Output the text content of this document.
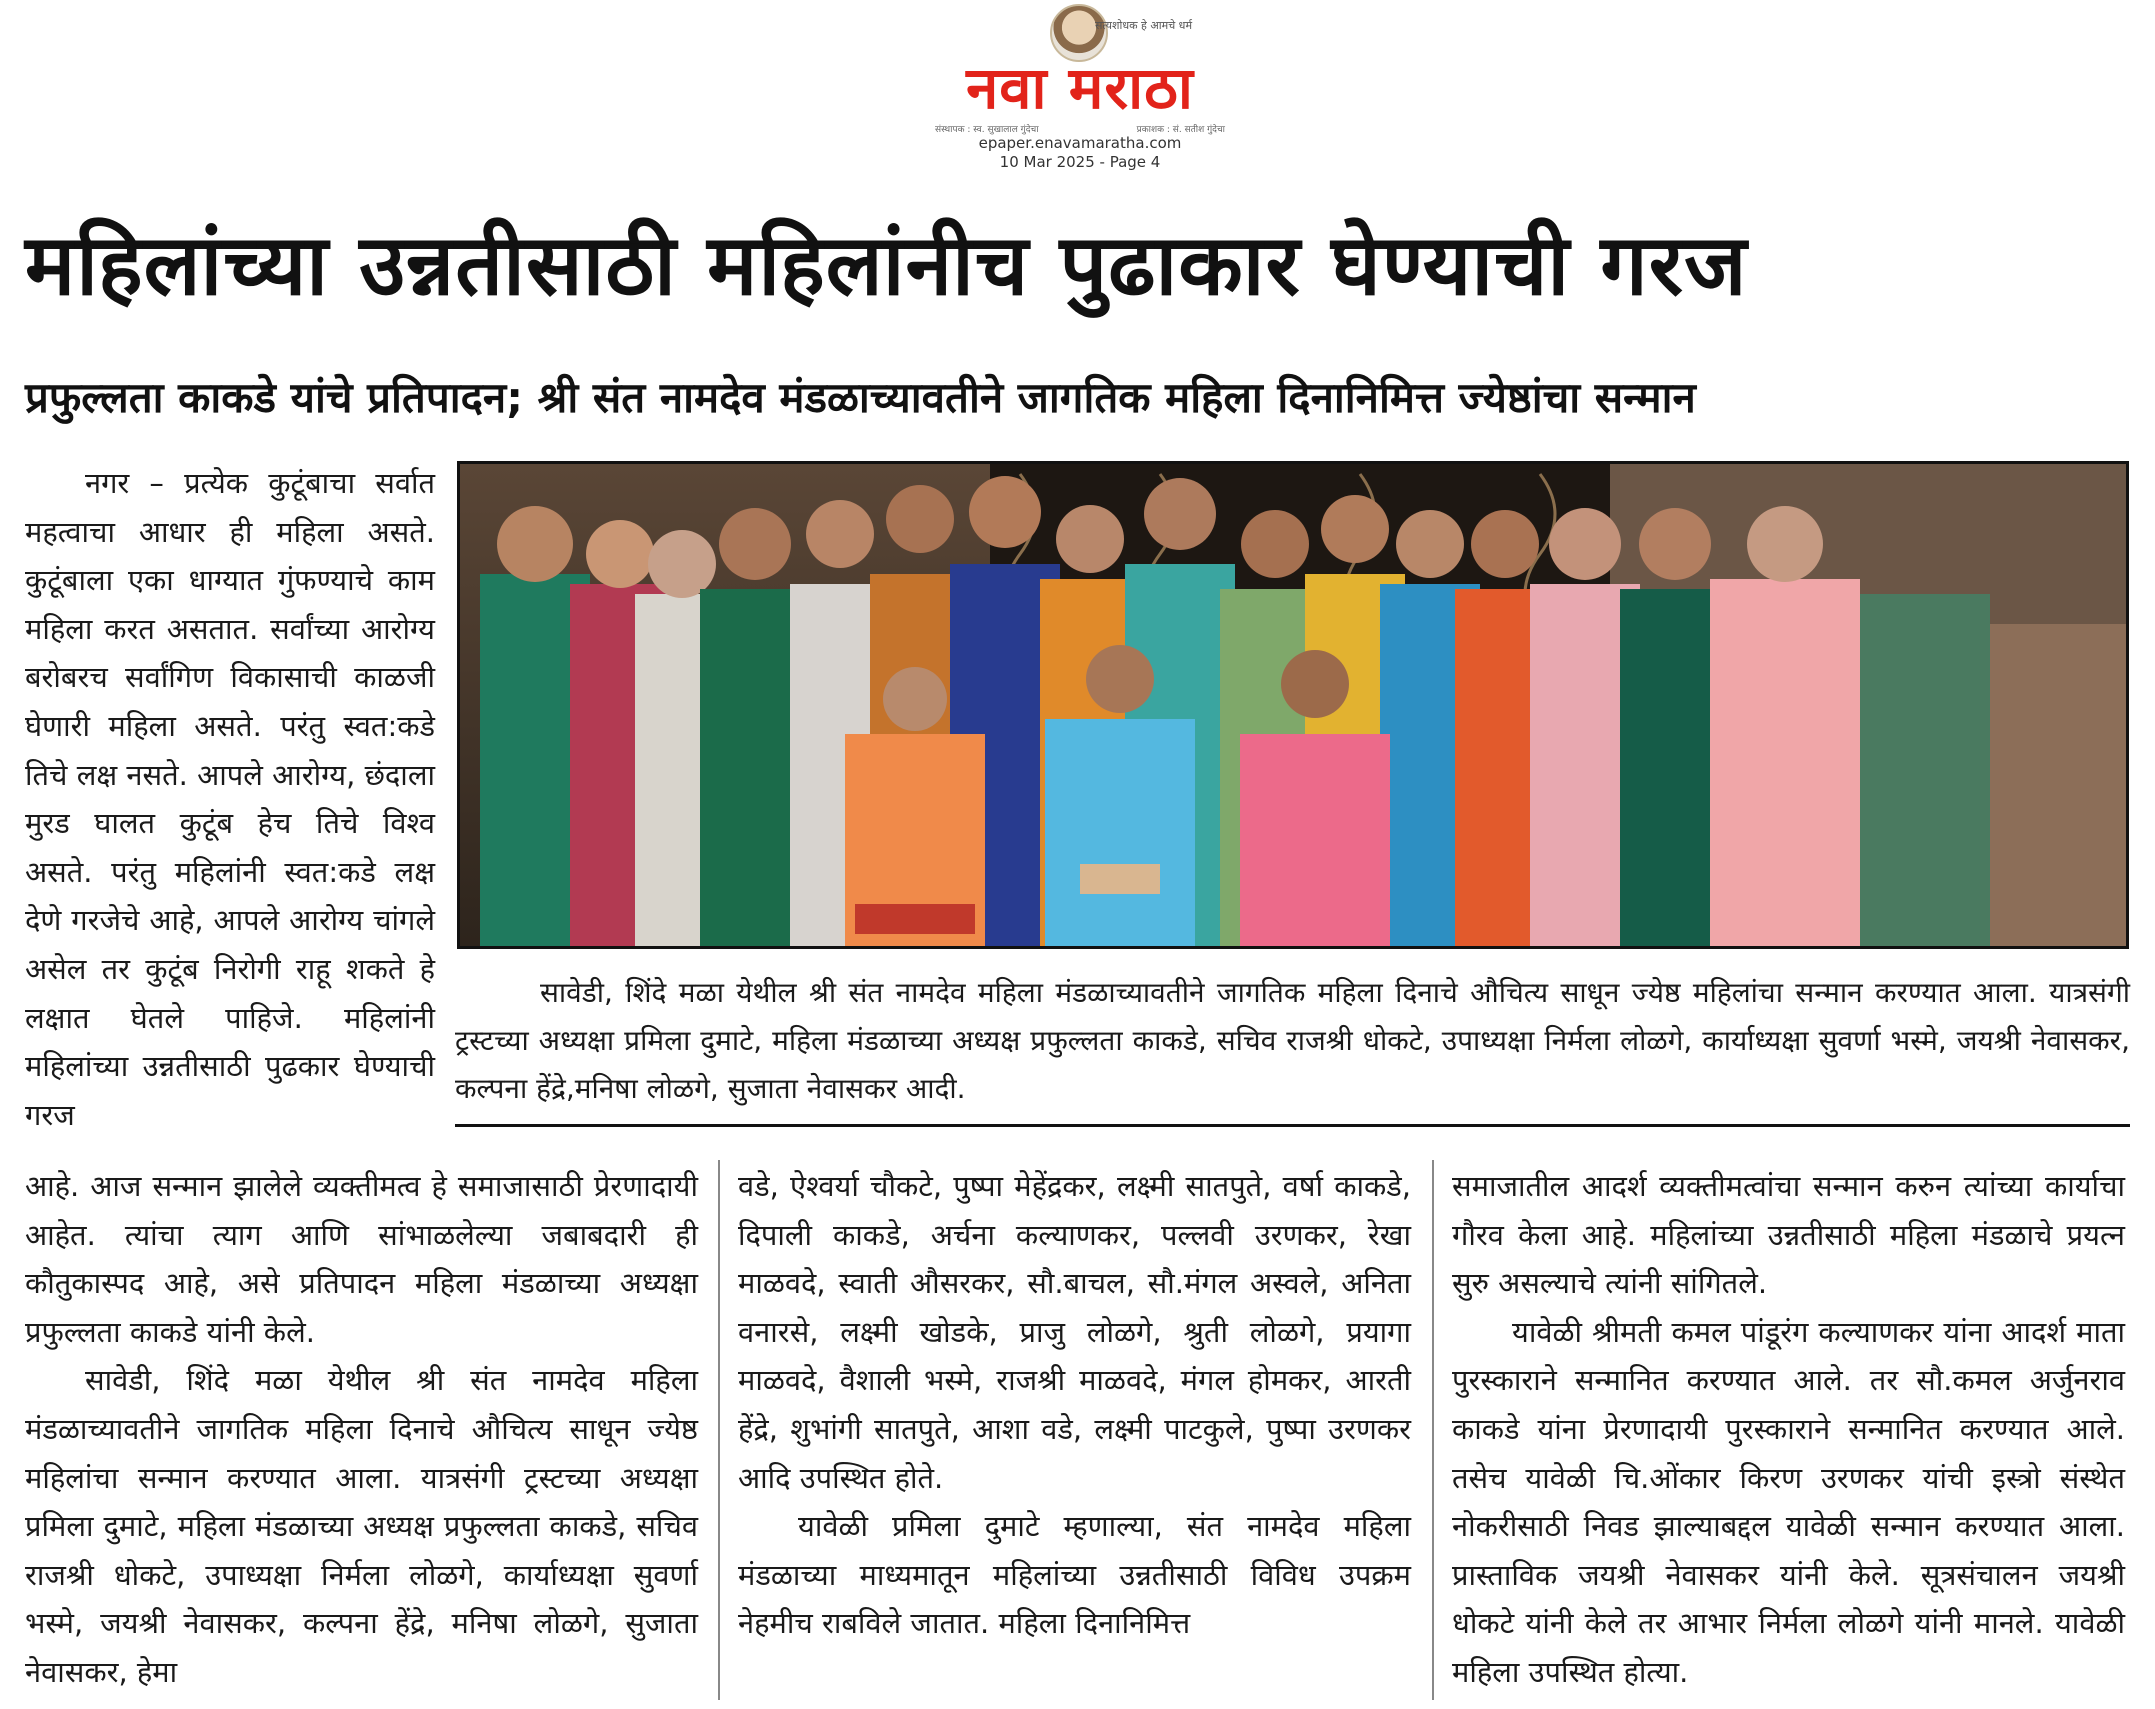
सत्यशोधक हे आमचे धर्म
नवा मराठा
संस्थापक : स्व. सुखालाल गुंदेचा	प्रकाशक : सं. सतीश गुंदेचा
epaper.enavamaratha.com
10 Mar 2025 - Page 4
महिलांच्या उन्नतीसाठी महिलांनीच पुढाकार घेण्याची गरज
प्रफुल्लता काकडे यांचे प्रतिपादन; श्री संत नामदेव मंडळाच्यावतीने जागतिक महिला दिनानिमित्त ज्येष्ठांचा सन्मान

नगर – प्रत्येक कुटूंबाचा सर्वात महत्वाचा आधार ही महिला असते. कुटूंबाला एका धाग्यात गुंफण्याचे काम महिला करत असतात. सर्वांच्या आरोग्य बरोबरच सर्वांगिण विकासाची काळजी घेणारी महिला असते. परंतु स्वत:कडे तिचे लक्ष नसते. आपले आरोग्य, छंदाला मुरड घालत कुटूंब हेच तिचे विश्व असते. परंतु महिलांनी स्वत:कडे लक्ष देणे गरजेचे आहे, आपले आरोग्य चांगले असेल तर कुटूंब निरोगी राहू शकते हे लक्षात घेतले पाहिजे. महिलांनी महिलांच्या उन्नतीसाठी पुढकार घेण्याची गरज

सावेडी, शिंदे मळा येथील श्री संत नामदेव महिला मंडळाच्यावतीने जागतिक महिला दिनाचे औचित्य साधून ज्येष्ठ महिलांचा सन्मान करण्यात आला. यात्रसंगी ट्रस्टच्या अध्यक्षा प्रमिला दुमाटे, महिला मंडळाच्या अध्यक्ष प्रफुल्लता काकडे, सचिव राजश्री धोकटे, उपाध्यक्षा निर्मला लोळगे, कार्याध्यक्षा सुवर्णा भस्मे, जयश्री नेवासकर, कल्पना हेंद्रे,मनिषा लोळगे, सुजाता नेवासकर आदी.

आहे. आज सन्मान झालेले व्यक्तीमत्व हे समाजासाठी प्रेरणादायी आहेत. त्यांचा त्याग आणि सांभाळलेल्या जबाबदारी ही कौतुकास्पद आहे, असे प्रतिपादन महिला मंडळाच्या अध्यक्षा प्रफुल्लता काकडे यांनी केले.

सावेडी, शिंदे मळा येथील श्री संत नामदेव महिला मंडळाच्यावतीने जागतिक महिला दिनाचे औचित्य साधून ज्येष्ठ महिलांचा सन्मान करण्यात आला. यात्रसंगी ट्रस्टच्या अध्यक्षा प्रमिला दुमाटे, महिला मंडळाच्या अध्यक्ष प्रफुल्लता काकडे, सचिव राजश्री धोकटे, उपाध्यक्षा निर्मला लोळगे, कार्याध्यक्षा सुवर्णा भस्मे, जयश्री नेवासकर, कल्पना हेंद्रे, मनिषा लोळगे, सुजाता नेवासकर, हेमा

वडे, ऐश्वर्या चौकटे, पुष्पा मेहेंद्रकर, लक्ष्मी सातपुते, वर्षा काकडे, दिपाली काकडे, अर्चना कल्याणकर, पल्लवी उरणकर, रेखा माळवदे, स्वाती औसरकर, सौ.बाचल, सौ.मंगल अस्वले, अनिता वनारसे, लक्ष्मी खोडके, प्राजु लोळगे, श्रुती लोळगे, प्रयागा माळवदे, वैशाली भस्मे, राजश्री माळवदे, मंगल होमकर, आरती हेंद्रे, शुभांगी सातपुते, आशा वडे, लक्ष्मी पाटकुले, पुष्पा उरणकर आदि उपस्थित होते.

यावेळी प्रमिला दुमाटे म्हणाल्या, संत नामदेव महिला मंडळाच्या माध्यमातून महिलांच्या उन्नतीसाठी विविध उपक्रम नेहमीच राबविले जातात. महिला दिनानिमित्त

समाजातील आदर्श व्यक्तीमत्वांचा सन्मान करुन त्यांच्या कार्याचा गौरव केला आहे. महिलांच्या उन्नतीसाठी महिला मंडळाचे प्रयत्न सुरु असल्याचे त्यांनी सांगितले.

यावेळी श्रीमती कमल पांडूरंग कल्याणकर यांना आदर्श माता पुरस्काराने सन्मानित करण्यात आले. तर सौ.कमल अर्जुनराव काकडे यांना प्रेरणादायी पुरस्काराने सन्मानित करण्यात आले. तसेच यावेळी चि.ओंकार किरण उरणकर यांची इस्त्रो संस्थेत नोकरीसाठी निवड झाल्याबद्दल यावेळी सन्मान करण्यात आला. प्रास्ताविक जयश्री नेवासकर यांनी केले. सूत्रसंचालन जयश्री धोकटे यांनी केले तर आभार निर्मला लोळगे यांनी मानले. यावेळी महिला उपस्थित होत्या.
